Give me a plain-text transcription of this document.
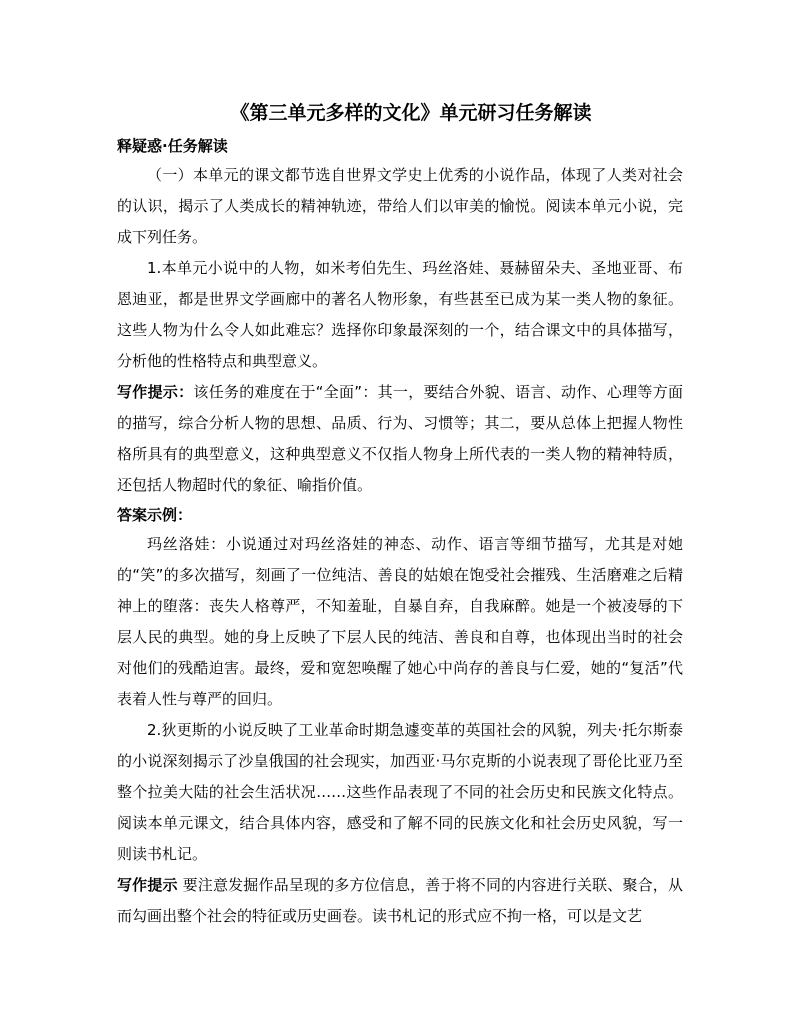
《第三单元多样的文化》单元研习任务解读
释疑惑·任务解读

（一）本单元的课文都节选自世界文学史上优秀的小说作品，体现了人类对社会的认识，揭示了人类成长的精神轨迹，带给人们以审美的愉悦。阅读本单元小说，完成下列任务。

1.本单元小说中的人物，如米考伯先生、玛丝洛娃、聂赫留朵夫、圣地亚哥、布恩迪亚，都是世界文学画廊中的著名人物形象，有些甚至已成为某一类人物的象征。这些人物为什么令人如此难忘？选择你印象最深刻的一个，结合课文中的具体描写，分析他的性格特点和典型意义。

写作提示：该任务的难度在于“全面”：其一，要结合外貌、语言、动作、心理等方面的描写，综合分析人物的思想、品质、行为、习惯等；其二，要从总体上把握人物性格所具有的典型意义，这种典型意义不仅指人物身上所代表的一类人物的精神特质，还包括人物超时代的象征、喻指价值。

答案示例：

玛丝洛娃：小说通过对玛丝洛娃的神态、动作、语言等细节描写，尤其是对她的“笑”的多次描写，刻画了一位纯洁、善良的姑娘在饱受社会摧残、生活磨难之后精神上的堕落：丧失人格尊严，不知羞耻，自暴自弃，自我麻醉。她是一个被凌辱的下层人民的典型。她的身上反映了下层人民的纯洁、善良和自尊，也体现出当时的社会对他们的残酷迫害。最终，爱和宽恕唤醒了她心中尚存的善良与仁爱，她的“复活”代表着人性与尊严的回归。

2.狄更斯的小说反映了工业革命时期急遽变革的英国社会的风貌，列夫·托尔斯泰的小说深刻揭示了沙皇俄国的社会现实，加西亚·马尔克斯的小说表现了哥伦比亚乃至整个拉美大陆的社会生活状况……这些作品表现了不同的社会历史和民族文化特点。阅读本单元课文，结合具体内容，感受和了解不同的民族文化和社会历史风貌，写一则读书札记。

写作提示 要注意发掘作品呈现的多方位信息，善于将不同的内容进行关联、聚合，从而勾画出整个社会的特征或历史画卷。读书札记的形式应不拘一格，可以是文艺
